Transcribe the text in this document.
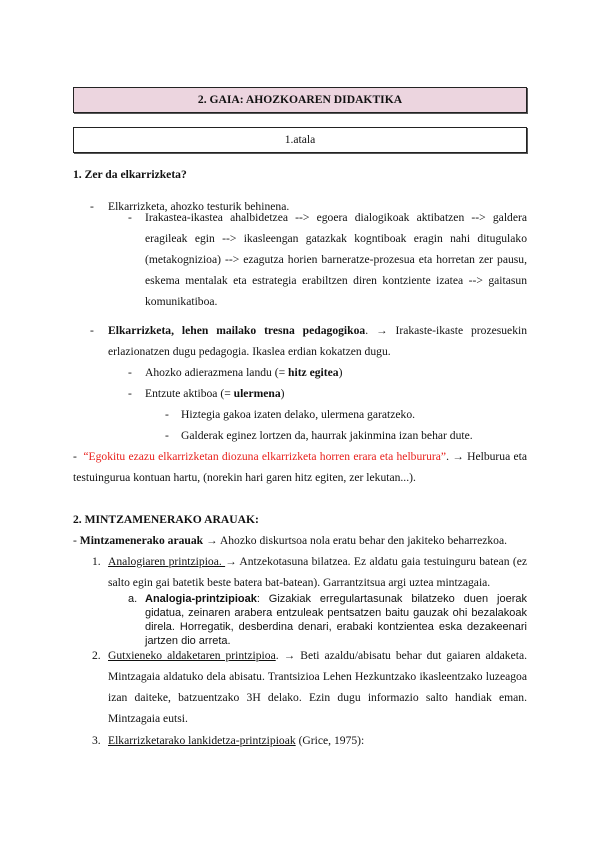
2. GAIA: AHOZKOAREN DIDAKTIKA
1.atala
1. Zer da elkarrizketa?
- Elkarrizketa, ahozko testurik behinena.
- Irakastea-ikastea ahalbidetzea --> egoera dialogikoak aktibatzen --> galdera eragileak egin --> ikasleengan gatazkak kogntiboak eragin nahi ditugulako (metakognizioa) --> ezagutza horien barneratze-prozesua eta horretan zer pausu, eskema mentalak eta estrategia erabiltzen diren kontziente izatea --> gaitasun komunikatiboa.
- Elkarrizketa, lehen mailako tresna pedagogikoa. → Irakaste-ikaste prozesuekin erlazionatzen dugu pedagogia. Ikaslea erdian kokatzen dugu.
- Ahozko adierazmena landu (= hitz egitea)
- Entzute aktiboa (= ulermena)
- Hiztegia gakoa izaten delako, ulermena garatzeko.
- Galderak eginez lortzen da, haurrak jakinmina izan behar dute.
-  “Egokitu ezazu elkarrizketan diozuna elkarrizketa horren erara eta helburura”. → Helburua eta testuingurua kontuan hartu, (norekin hari garen hitz egiten, zer lekutan...).
2. MINTZAMENERAKO ARAUAK:
- Mintzamenerako arauak → Ahozko diskurtsoa nola eratu behar den jakiteko beharrezkoa.
1. Analogiaren printzipioa. → Antzekotasuna bilatzea. Ez aldatu gaia testuinguru batean (ez salto egin gai batetik beste batera bat-batean). Garrantzitsua argi uztea mintzagaia.
a. Analogia-printzipioak: Gizakiak erregulartasunak bilatzeko duen joerak gidatua, zeinaren arabera entzuleak pentsatzen baitu gauzak ohi bezalakoak direla. Horregatik, desberdina denari, erabaki kontzientea eska dezakeenari jartzen dio arreta.
2. Gutxieneko aldaketaren printzipioa. → Beti azaldu/abisatu behar dut gaiaren aldaketa. Mintzagaia aldatuko dela abisatu. Trantsizioa Lehen Hezkuntzako ikasleentzako luzeagoa izan daiteke, batzuentzako 3H delako. Ezin dugu informazio salto handiak eman. Mintzagaia eutsi.
3. Elkarrizketarako lankidetza-printzipioak (Grice, 1975):
